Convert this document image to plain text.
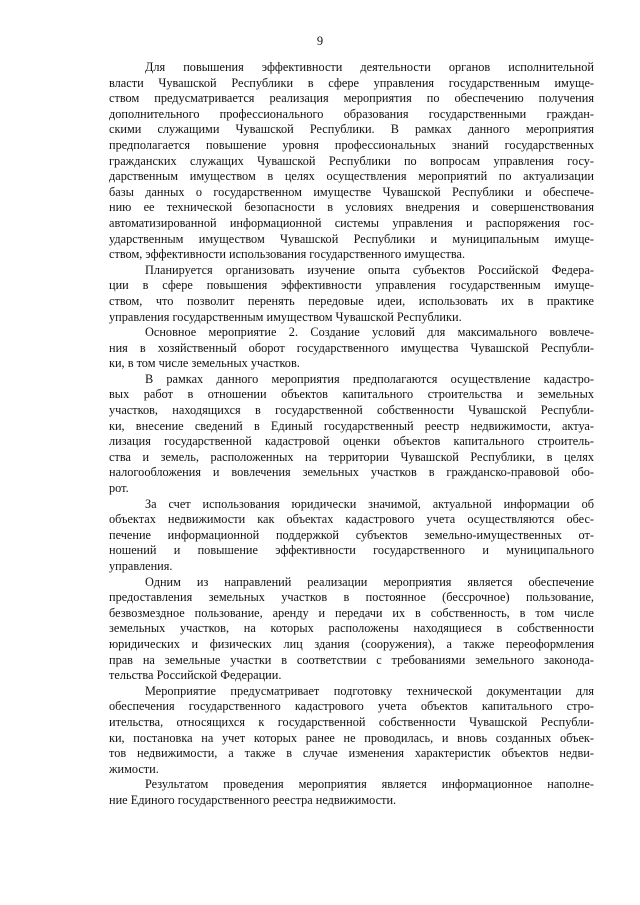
9
Для повышения эффективности деятельности органов исполнительной
власти Чувашской Республики в сфере управления государственным имуще-
ством предусматривается реализация мероприятия по обеспечению получения
дополнительного профессионального образования государственными граждан-
скими служащими Чувашской Республики. В рамках данного мероприятия
предполагается повышение уровня профессиональных знаний государственных
гражданских служащих Чувашской Республики по вопросам управления госу-
дарственным имуществом в целях осуществления мероприятий по актуализации
базы данных о государственном имуществе Чувашской Республики и обеспече-
нию ее технической безопасности в условиях внедрения и совершенствования
автоматизированной информационной системы управления и распоряжения гос-
ударственным имуществом Чувашской Республики и муниципальным имуще-
ством, эффективности использования государственного имущества.
Планируется организовать изучение опыта субъектов Российской Федера-
ции в сфере повышения эффективности управления государственным имуще-
ством, что позволит перенять передовые идеи, использовать их в практике
управления государственным имуществом Чувашской Республики.
Основное мероприятие 2. Создание условий для максимального вовлече-
ния в хозяйственный оборот государственного имущества Чувашской Республи-
ки, в том числе земельных участков.
В рамках данного мероприятия предполагаются осуществление кадастро-
вых работ в отношении объектов капитального строительства и земельных
участков, находящихся в государственной собственности Чувашской Республи-
ки, внесение сведений в Единый государственный реестр недвижимости, актуа-
лизация государственной кадастровой оценки объектов капитального строитель-
ства и земель, расположенных на территории Чувашской Республики, в целях
налогообложения и вовлечения земельных участков в гражданско-правовой обо-
рот.
За счет использования юридически значимой, актуальной информации об
объектах недвижимости как объектах кадастрового учета осуществляются обес-
печение информационной поддержкой субъектов земельно-имущественных от-
ношений и повышение эффективности государственного и муниципального
управления.
Одним из направлений реализации мероприятия является обеспечение
предоставления земельных участков в постоянное (бессрочное) пользование,
безвозмездное пользование, аренду и передачи их в собственность, в том числе
земельных участков, на которых расположены находящиеся в собственности
юридических и физических лиц здания (сооружения), а также переоформления
прав на земельные участки в соответствии с требованиями земельного законода-
тельства Российской Федерации.
Мероприятие предусматривает подготовку технической документации для
обеспечения государственного кадастрового учета объектов капитального стро-
ительства, относящихся к государственной собственности Чувашской Республи-
ки, постановка на учет которых ранее не проводилась, и вновь созданных объек-
тов недвижимости, а также в случае изменения характеристик объектов недви-
жимости.
Результатом проведения мероприятия является информационное наполне-
ние Единого государственного реестра недвижимости.
